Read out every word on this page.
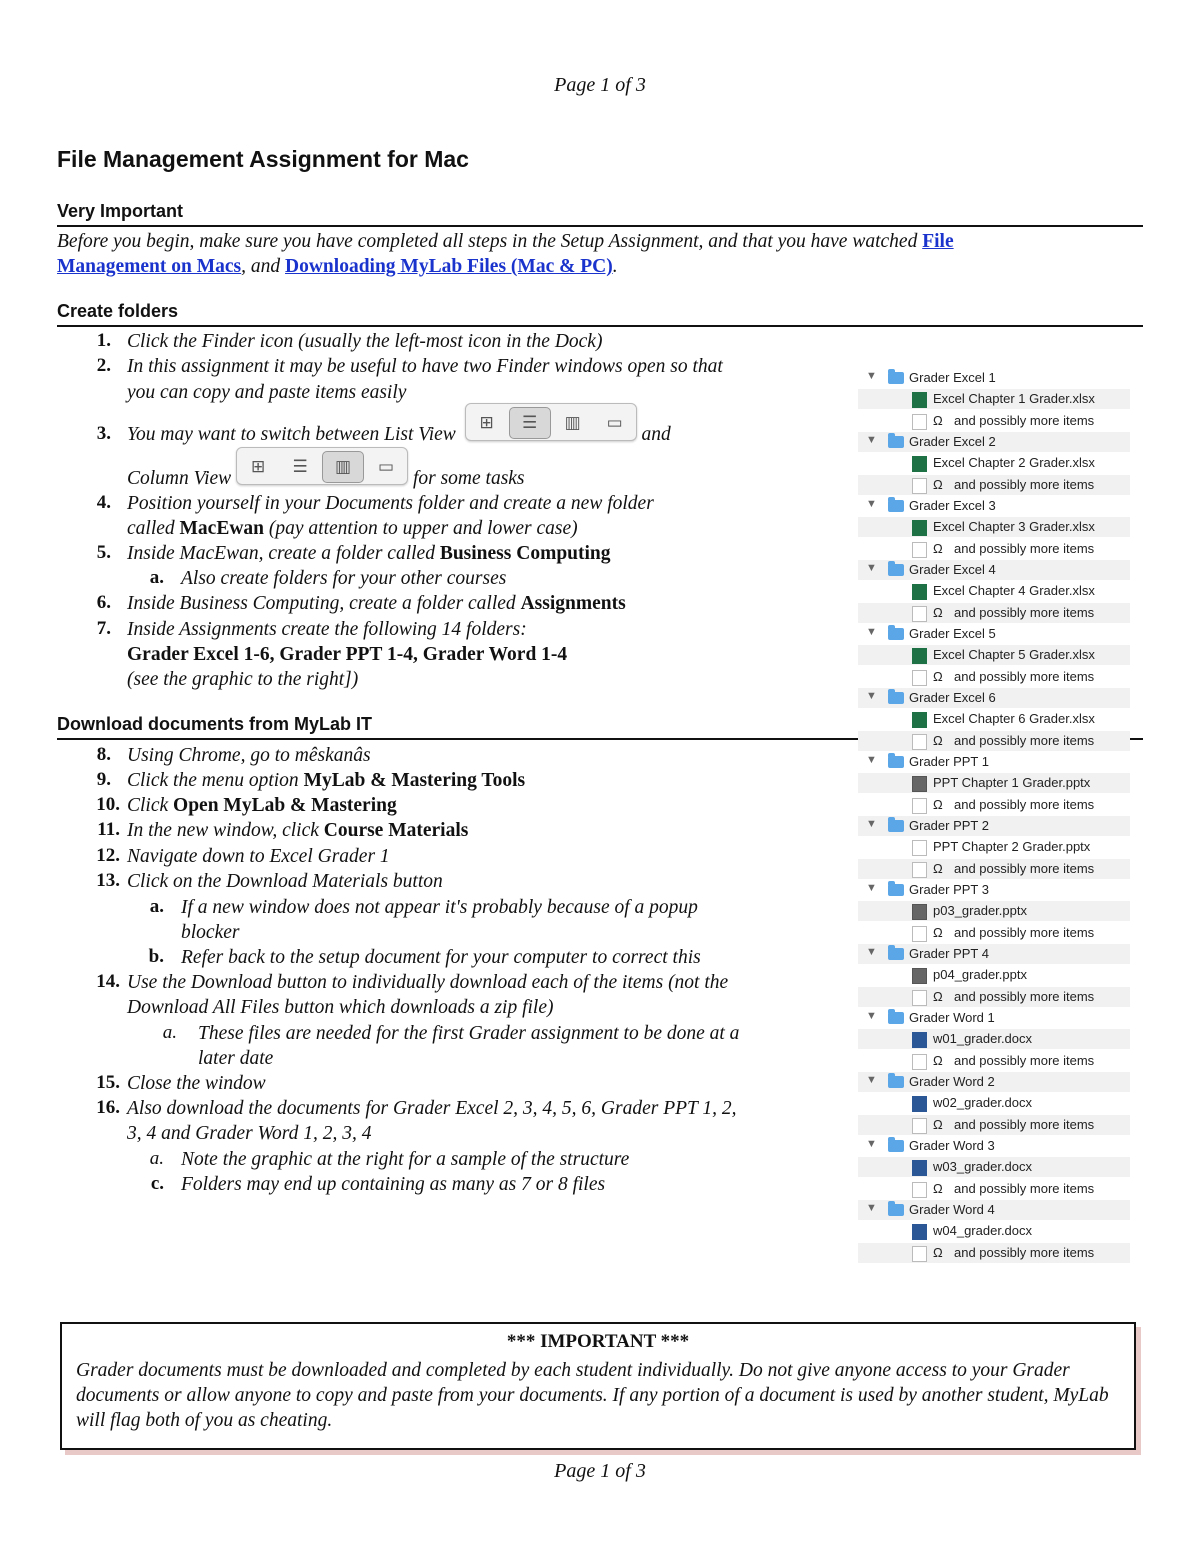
Page 1 of 3
File Management Assignment for Mac
Very Important
Before you begin, make sure you have completed all steps in the Setup Assignment, and that you have watched File
Management on Macs, and Downloading MyLab Files (Mac & PC).
Create folders
1. Click the Finder icon (usually the left-most icon in the Dock)
2. In this assignment it may be useful to have two Finder windows open so that
you can copy and paste items easily
3. You may want to switch between List View ⊞ ☰ ▥ ▭ and
Column View ⊞ ☰ ▥ ▭ for some tasks
4. Position yourself in your Documents folder and create a new folder
called MacEwan (pay attention to upper and lower case)
5. Inside MacEwan, create a folder called Business Computing
a. Also create folders for your other courses
6. Inside Business Computing, create a folder called Assignments
7. Inside Assignments create the following 14 folders:
Grader Excel 1-6, Grader PPT 1-4, Grader Word 1-4
(see the graphic to the right])
Download documents from MyLab IT
8. Using Chrome, go to mêskanâs
9. Click the menu option MyLab & Mastering Tools
10. Click Open MyLab & Mastering
11. In the new window, click Course Materials
12. Navigate down to Excel Grader 1
13. Click on the Download Materials button
a. If a new window does not appear it's probably because of a popup
blocker
b. Refer back to the setup document for your computer to correct this
14. Use the Download button to individually download each of the items (not the
Download All Files button which downloads a zip file)
a. These files are needed for the first Grader assignment to be done at a
later date
15. Close the window
16. Also download the documents for Grader Excel 2, 3, 4, 5, 6, Grader PPT 1, 2,
3, 4 and Grader Word 1, 2, 3, 4
a. Note the graphic at the right for a sample of the structure
c. Folders may end up containing as many as 7 or 8 files
▼ Grader Excel 1
Excel Chapter 1 Grader.xlsx
Ω and possibly more items
▼ Grader Excel 2
Excel Chapter 2 Grader.xlsx
Ω and possibly more items
▼ Grader Excel 3
Excel Chapter 3 Grader.xlsx
Ω and possibly more items
▼ Grader Excel 4
Excel Chapter 4 Grader.xlsx
Ω and possibly more items
▼ Grader Excel 5
Excel Chapter 5 Grader.xlsx
Ω and possibly more items
▼ Grader Excel 6
Excel Chapter 6 Grader.xlsx
Ω and possibly more items
▼ Grader PPT 1
PPT Chapter 1 Grader.pptx
Ω and possibly more items
▼ Grader PPT 2
PPT Chapter 2 Grader.pptx
Ω and possibly more items
▼ Grader PPT 3
p03_grader.pptx
Ω and possibly more items
▼ Grader PPT 4
p04_grader.pptx
Ω and possibly more items
▼ Grader Word 1
w01_grader.docx
Ω and possibly more items
▼ Grader Word 2
w02_grader.docx
Ω and possibly more items
▼ Grader Word 3
w03_grader.docx
Ω and possibly more items
▼ Grader Word 4
w04_grader.docx
Ω and possibly more items
*** IMPORTANT ***
Grader documents must be downloaded and completed by each student individually. Do not give anyone access to your Grader documents or allow anyone to copy and paste from your documents. If any portion of a document is used by another student, MyLab will flag both of you as cheating.
Page 1 of 3
